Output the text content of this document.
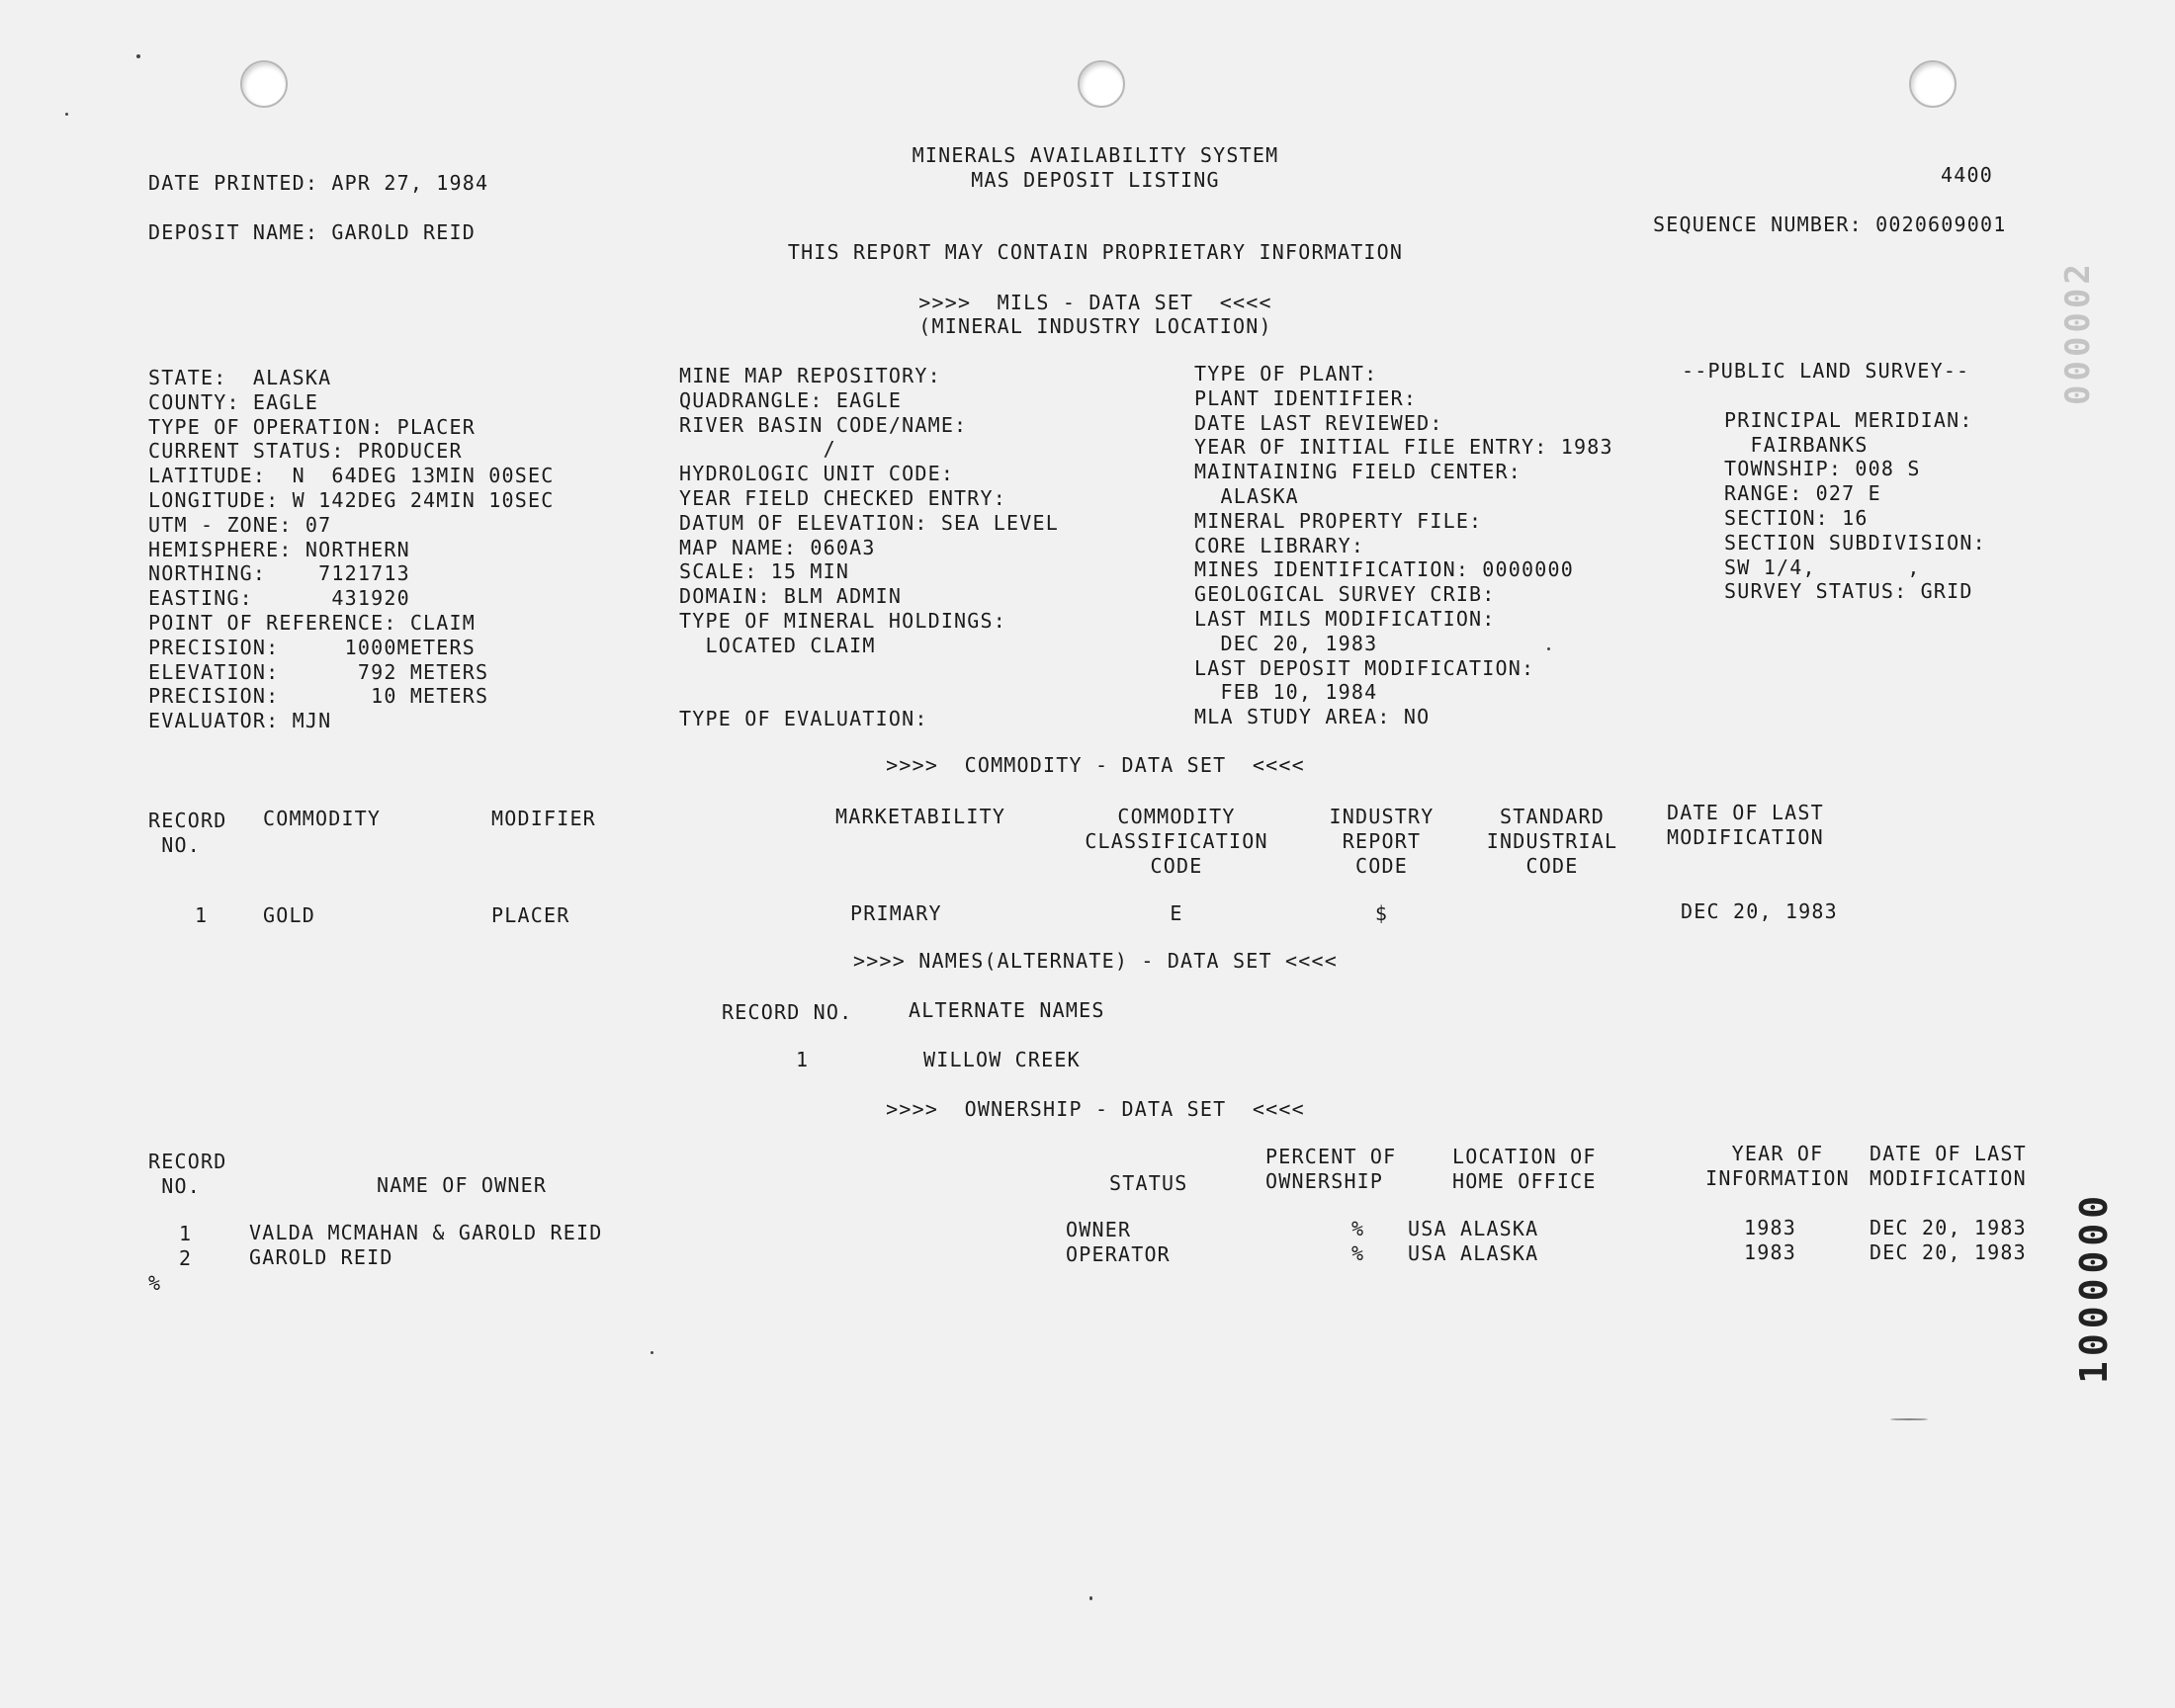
MINERALS AVAILABILITY SYSTEM
MAS DEPOSIT LISTING	4400
DATE PRINTED: APR 27, 1984
DEPOSIT NAME: GAROLD REID	SEQUENCE NUMBER: 0020609001
THIS REPORT MAY CONTAIN PROPRIETARY INFORMATION
>>>>  MILS - DATA SET  <<<<
(MINERAL INDUSTRY LOCATION)
STATE:  ALASKA
COUNTY: EAGLE
TYPE OF OPERATION: PLACER
CURRENT STATUS: PRODUCER
LATITUDE:  N  64DEG 13MIN 00SEC
LONGITUDE: W 142DEG 24MIN 10SEC
UTM - ZONE: 07
HEMISPHERE: NORTHERN
NORTHING:    7121713
EASTING:      431920
POINT OF REFERENCE: CLAIM
PRECISION:     1000METERS
ELEVATION:      792 METERS
PRECISION:       10 METERS
EVALUATOR: MJN
MINE MAP REPOSITORY:
QUADRANGLE: EAGLE
RIVER BASIN CODE/NAME:
/
HYDROLOGIC UNIT CODE:
YEAR FIELD CHECKED ENTRY:
DATUM OF ELEVATION: SEA LEVEL
MAP NAME: 060A3
SCALE: 15 MIN
DOMAIN: BLM ADMIN
TYPE OF MINERAL HOLDINGS:
LOCATED CLAIM
TYPE OF EVALUATION:
TYPE OF PLANT:
PLANT IDENTIFIER:
DATE LAST REVIEWED:
YEAR OF INITIAL FILE ENTRY: 1983
MAINTAINING FIELD CENTER:
ALASKA
MINERAL PROPERTY FILE:
CORE LIBRARY:
MINES IDENTIFICATION: 0000000
GEOLOGICAL SURVEY CRIB:
LAST MILS MODIFICATION:
DEC 20, 1983
LAST DEPOSIT MODIFICATION:
FEB 10, 1984
MLA STUDY AREA: NO
--PUBLIC LAND SURVEY--
PRINCIPAL MERIDIAN:
FAIRBANKS
TOWNSHIP: 008 S
RANGE: 027 E
SECTION: 16
SECTION SUBDIVISION:
SW 1/4,       ,
SURVEY STATUS: GRID
>>>>  COMMODITY - DATA SET  <<<<
RECORD
NO.
COMMODITY	MODIFIER	MARKETABILITY	COMMODITY
CLASSIFICATION
CODE
INDUSTRY
REPORT
CODE
STANDARD
INDUSTRIAL
CODE
DATE OF LAST
MODIFICATION
1	GOLD	PLACER	PRIMARY	E	$	DEC 20, 1983
>>>> NAMES(ALTERNATE) - DATA SET <<<<
RECORD NO.	ALTERNATE NAMES
1	WILLOW CREEK
>>>>  OWNERSHIP - DATA SET  <<<<
RECORD
NO.	NAME OF OWNER	STATUS
PERCENT OF
OWNERSHIP
LOCATION OF
HOME OFFICE
YEAR OF
INFORMATION
DATE OF LAST
MODIFICATION
1	VALDA MCMAHAN & GAROLD REID	OWNER	% USA ALASKA	1983	DEC 20, 1983
2	GAROLD REID	OPERATOR	% USA ALASKA	1983	DEC 20, 1983
%
000002
1000000
